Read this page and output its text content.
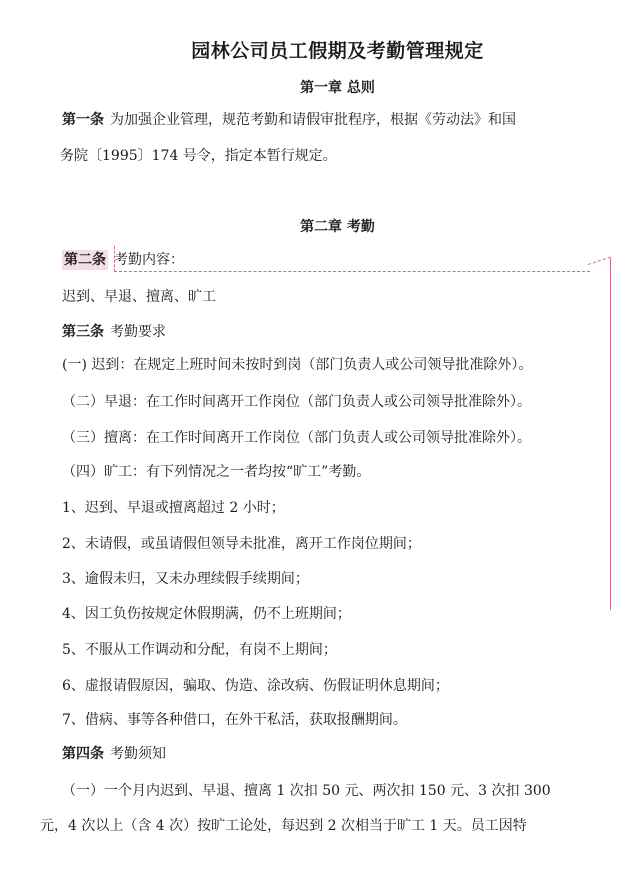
园林公司员工假期及考勤管理规定
第一章 总则
第一条 为加强企业管理，规范考勤和请假审批程序，根据《劳动法》和国
务院〔1995〕174 号令，指定本暂行规定。
第二章 考勤
第二条 考勤内容：
迟到、早退、擅离、旷工
第三条 考勤要求
(一) 迟到：在规定上班时间未按时到岗（部门负责人或公司领导批准除外）。
（二）早退：在工作时间离开工作岗位（部门负责人或公司领导批准除外）。
（三）擅离：在工作时间离开工作岗位（部门负责人或公司领导批准除外）。
（四）旷工：有下列情况之一者均按“旷工”考勤。
1、迟到、早退或擅离超过 2 小时；
2、未请假，或虽请假但领导未批准，离开工作岗位期间；
3、逾假未归，又未办理续假手续期间；
4、因工负伤按规定休假期满，仍不上班期间；
5、不服从工作调动和分配，有岗不上期间；
6、虚报请假原因，骗取、伪造、涂改病、伤假证明休息期间；
7、借病、事等各种借口，在外干私活，获取报酬期间。
第四条 考勤须知
（一）一个月内迟到、早退、擅离 1 次扣 50 元、两次扣 150 元、3 次扣 300
元，4 次以上（含 4 次）按旷工论处，每迟到 2 次相当于旷工 1 天。员工因特
